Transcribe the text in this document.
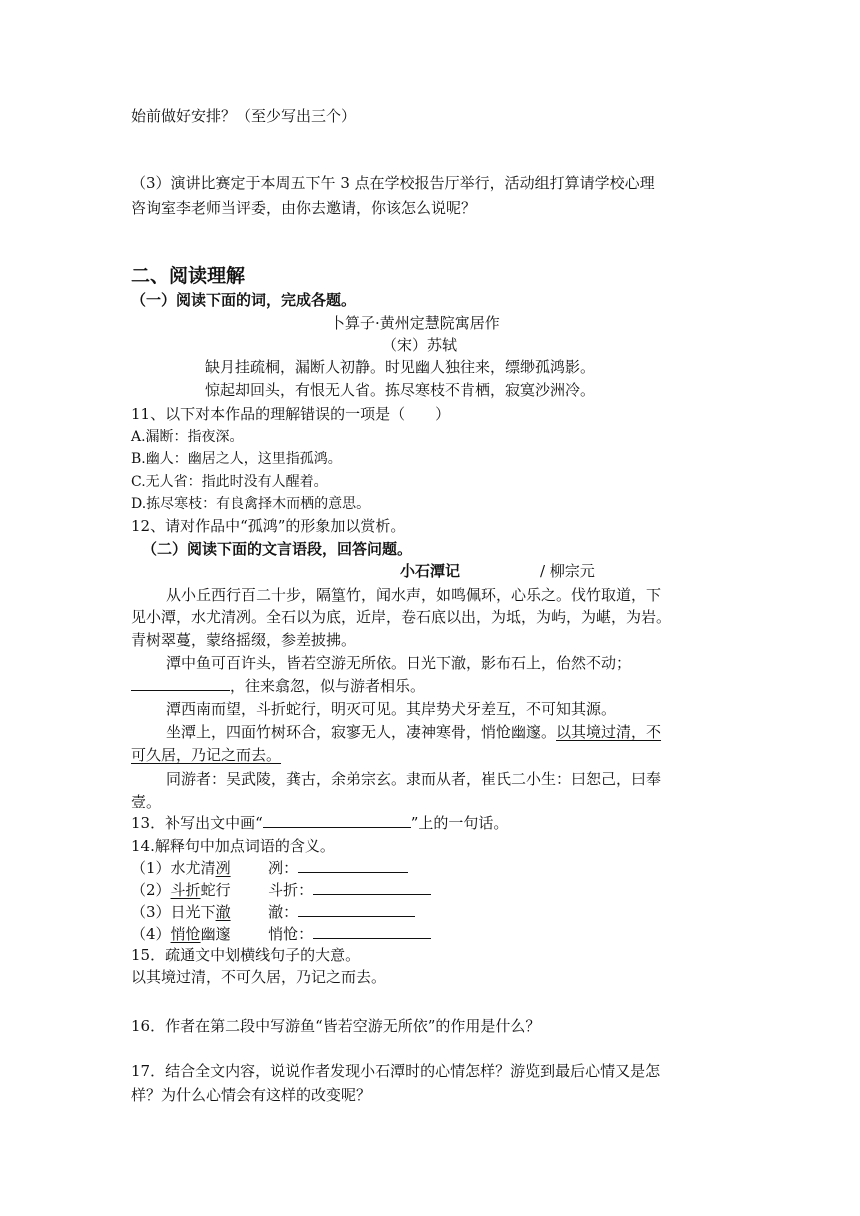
始前做好安排？（至少写出三个）
（3）演讲比赛定于本周五下午 3 点在学校报告厅举行，活动组打算请学校心理
咨询室李老师当评委，由你去邀请，你该怎么说呢？
二、阅读理解
（一）阅读下面的词，完成各题。
卜算子·黄州定慧院寓居作
（宋）苏轼
缺月挂疏桐，漏断人初静。时见幽人独往来，缥缈孤鸿影。
惊起却回头，有恨无人省。拣尽寒枝不肯栖，寂寞沙洲冷。
11、以下对本作品的理解错误的一项是（　　）
A.漏断：指夜深。
B.幽人：幽居之人，这里指孤鸿。
C.无人省：指此时没有人醒着。
D.拣尽寒枝：有良禽择木而栖的意思。
12、请对作品中“孤鸿”的形象加以赏析。
（二）阅读下面的文言语段，回答问题。
小石潭记	/ 柳宗元
从小丘西行百二十步，隔篁竹，闻水声，如鸣佩环，心乐之。伐竹取道，下
见小潭，水尤清冽。全石以为底，近岸，卷石底以出，为坻，为屿，为嵁，为岩。
青树翠蔓，蒙络摇缀，参差披拂。
潭中鱼可百许头，皆若空游无所依。日光下澈，影布石上，佁然不动；
，往来翕忽，似与游者相乐。
潭西南而望，斗折蛇行，明灭可见。其岸势犬牙差互，不可知其源。
坐潭上，四面竹树环合，寂寥无人，凄神寒骨，悄怆幽邃。以其境过清，不
可久居，乃记之而去。
同游者：吴武陵，龚古，余弟宗玄。隶而从者，崔氏二小生：曰恕己，曰奉
壹。
13．补写出文中画“	”上的一句话。
14.解释句中加点词语的含义。
（1）水尤清冽	冽：
（2）斗折蛇行	斗折：
（3）日光下澈	澈：
（4）悄怆幽邃	悄怆：
15．疏通文中划横线句子的大意。
以其境过清，不可久居，乃记之而去。
16．作者在第二段中写游鱼“皆若空游无所依”的作用是什么？
17．结合全文内容，说说作者发现小石潭时的心情怎样？游览到最后心情又是怎
样？为什么心情会有这样的改变呢？
